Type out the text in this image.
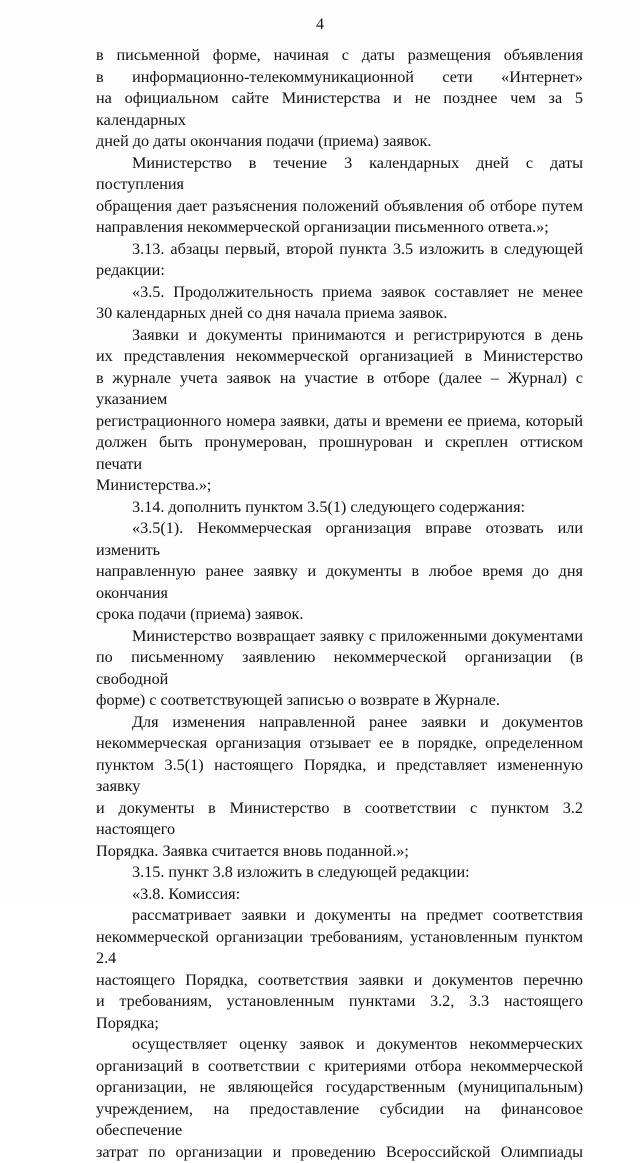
4
в письменной форме, начиная с даты размещения объявления
в информационно-телекоммуникационной сети «Интернет»
на официальном сайте Министерства и не позднее чем за 5 календарных
дней до даты окончания подачи (приема) заявок.
Министерство в течение 3 календарных дней с даты поступления
обращения дает разъяснения положений объявления об отборе путем
направления некоммерческой организации письменного ответа.»;
3.13. абзацы первый, второй пункта 3.5 изложить в следующей
редакции:
«3.5. Продолжительность приема заявок составляет не менее
30 календарных дней со дня начала приема заявок.
Заявки и документы принимаются и регистрируются в день
их представления некоммерческой организацией в Министерство
в журнале учета заявок на участие в отборе (далее – Журнал) с указанием
регистрационного номера заявки, даты и времени ее приема, который
должен быть пронумерован, прошнурован и скреплен оттиском печати
Министерства.»;
3.14. дополнить пунктом 3.5(1) следующего содержания:
«3.5(1). Некоммерческая организация вправе отозвать или изменить
направленную ранее заявку и документы в любое время до дня окончания
срока подачи (приема) заявок.
Министерство возвращает заявку с приложенными документами
по письменному заявлению некоммерческой организации (в свободной
форме) с соответствующей записью о возврате в Журнале.
Для изменения направленной ранее заявки и документов
некоммерческая организация отзывает ее в порядке, определенном
пунктом 3.5(1) настоящего Порядка, и представляет измененную заявку
и документы в Министерство в соответствии с пунктом 3.2 настоящего
Порядка. Заявка считается вновь поданной.»;
3.15. пункт 3.8 изложить в следующей редакции:
«3.8. Комиссия:
рассматривает заявки и документы на предмет соответствия
некоммерческой организации требованиям, установленным пунктом 2.4
настоящего Порядка, соответствия заявки и документов перечню
и требованиям, установленным пунктами 3.2, 3.3 настоящего Порядка;
осуществляет оценку заявок и документов некоммерческих
организаций в соответствии с критериями отбора некоммерческой
организации, не являющейся государственным (муниципальным)
учреждением, на предоставление субсидии на финансовое обеспечение
затрат по организации и проведению Всероссийской Олимпиады
